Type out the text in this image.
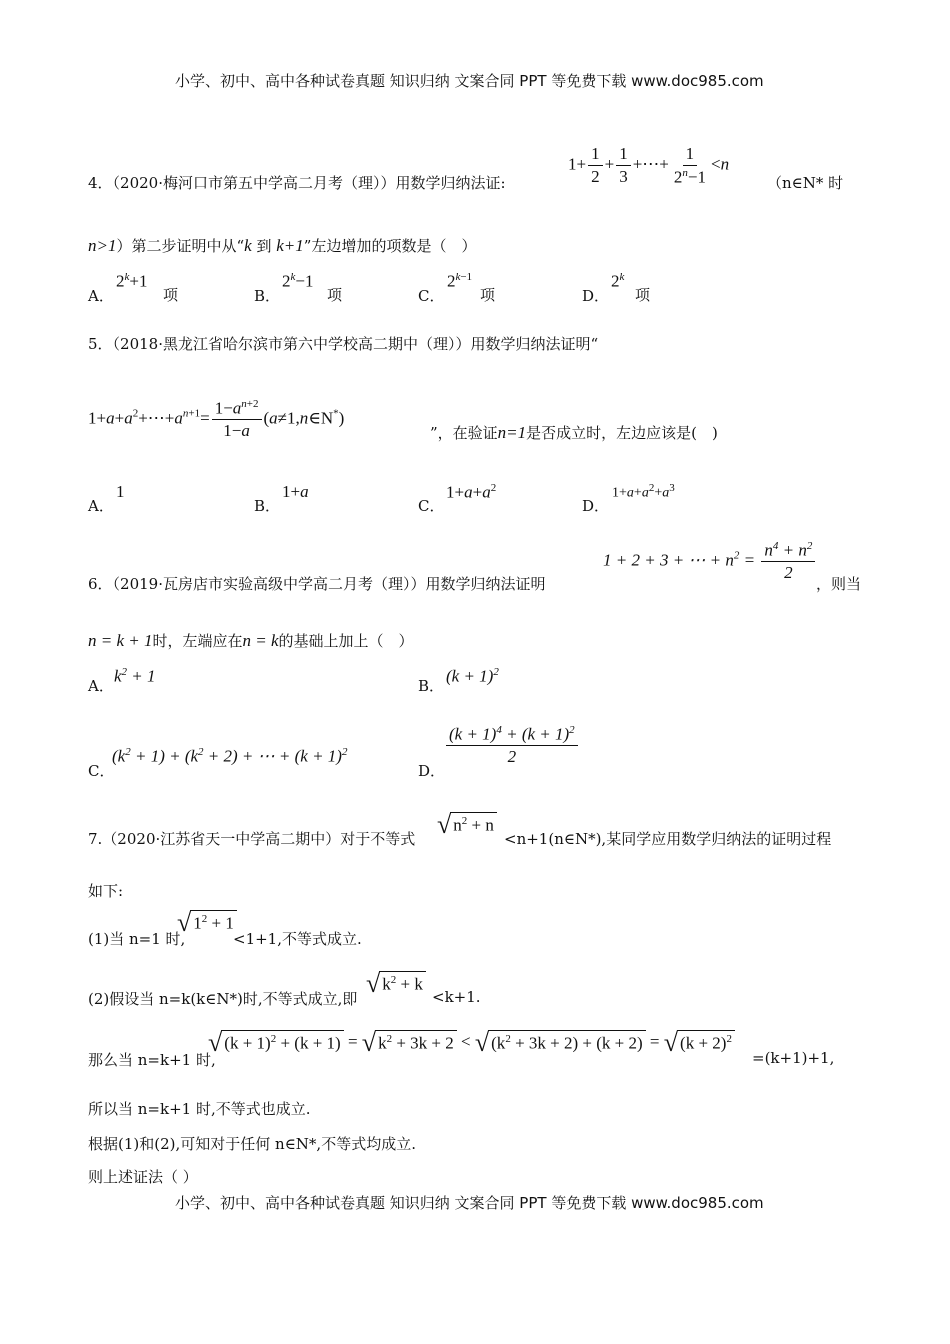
小学、初中、高中各种试卷真题 知识归纳 文案合同 PPT 等免费下载 www.doc985.com
4．（2020·梅河口市第五中学高二月考（理））用数学归纳法证:
$1+ \frac{1}{2} + \frac{1}{3}$ +⋯+ $\frac{1}{2^n-1} <n$
（n∈N* 时
n>1）第二步证明中从“k 到 k+1”左边增加的项数是（　）
A．
$2^k+1$
项	B．
$2^k-1$
项	C．
$2^{k-1}$
项	D．
2$^k$
项
5．（2018·黑龙江省哈尔滨市第六中学校高二期中（理））用数学归纳法证明“
$1+a+a^2+\cdots+a^{n+1}= \frac{1-a^{n+2}}{1-a}$ (a≠1,n∈N*)
”，在验证n=1是否成立时，左边应该是(　)
A．
1
B．
1+a
C．
$1+a+a^2$
D．
$1+a+a^2+a^3$
6．（2019·瓦房店市实验高级中学高二月考（理））用数学归纳法证明
1 + 2 + 3 + ⋯ + $n^2 = \frac{n^4 + n^2}{2}$
，则当
n = k + 1时，左端应在n = k的基础上加上（　）
A．
$k^2 + 1$
B．
$(k + 1)^2$
C．
$(k^2 + 1) + (k^2 + 2)$ + ⋯ + $(k + 1)^2$
D．
$\frac{(k + 1)^4 + (k + 1)^2}{2}$
7.（2020·江苏省天一中学高二期中）对于不等式 √ $n^2 + n$
<n+1(n∈N*),某同学应用数学归纳法的证明过程
如下:
(1)当 n=1 时,
√ $1^2 + 1$
<1+1,不等式成立.
(2)假设当 n=k(k∈N*)时,不等式成立,即
√ $k^2 + k$
<k+1.
那么当 n=k+1 时,
√ $(k + 1)^2 + (k + 1)$ = √ $k^2 + 3k + 2$ < √ $(k^2 + 3k + 2) + (k + 2)$ = √ $(k + 2)^2$
=(k+1)+1,
所以当 n=k+1 时,不等式也成立.
根据(1)和(2),可知对于任何 n∈N*,不等式均成立.
则上述证法（ ）
小学、初中、高中各种试卷真题 知识归纳 文案合同 PPT 等免费下载 www.doc985.com
